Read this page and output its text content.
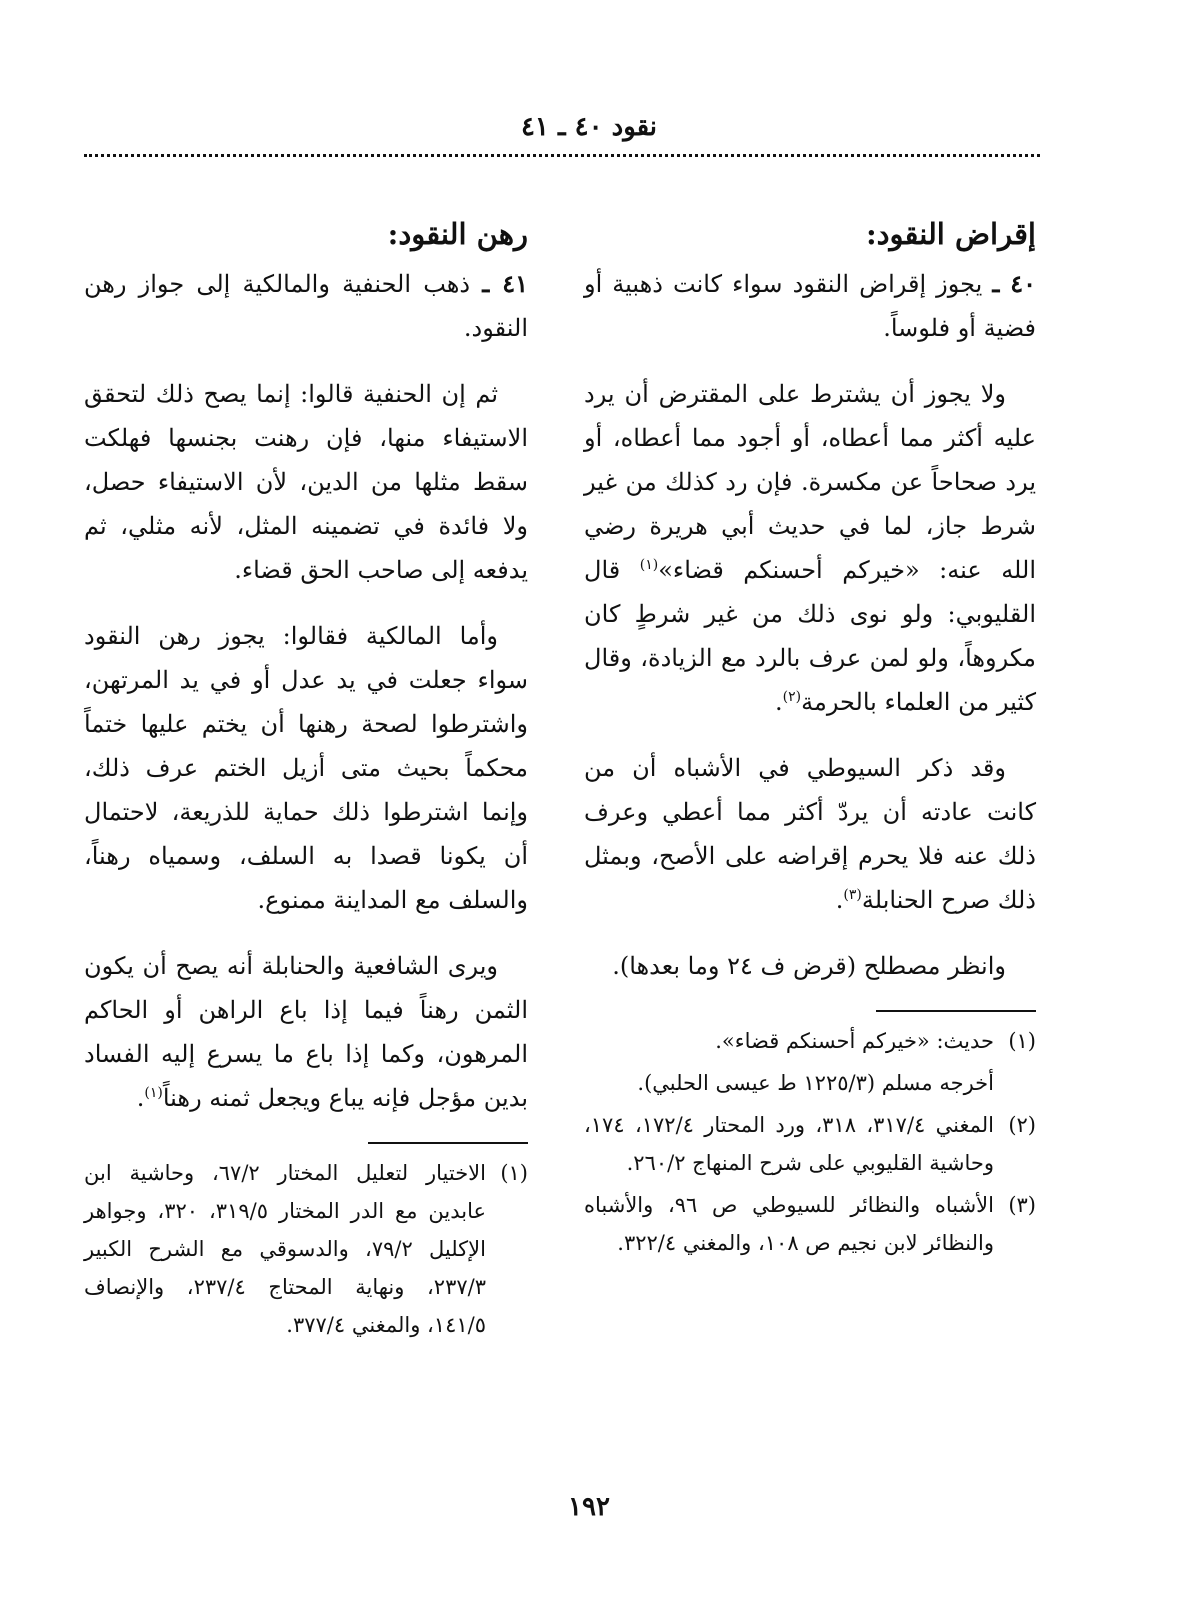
نقود ٤٠ ـ ٤١
إقراض النقود:

٤٠ ـ يجوز إقراض النقود سواء كانت ذهبية أو فضية أو فلوساً.

ولا يجوز أن يشترط على المقترض أن يرد عليه أكثر مما أعطاه، أو أجود مما أعطاه، أو يرد صحاحاً عن مكسرة. فإن رد كذلك من غير شرط جاز، لما في حديث أبي هريرة رضي الله عنه: «خيركم أحسنكم قضاء»$^{(١)}$ قال القليوبي: ولو نوى ذلك من غير شرطٍ كان مكروهاً، ولو لمن عرف بالرد مع الزيادة، وقال كثير من العلماء بالحرمة$^{(٢)}$.

وقد ذكر السيوطي في الأشباه أن من كانت عادته أن يردّ أكثر مما أعطي وعرف ذلك عنه فلا يحرم إقراضه على الأصح، وبمثل ذلك صرح الحنابلة$^{(٣)}$.

وانظر مصطلح (قرض ف ٢٤ وما بعدها).

(١)
حديث: «خيركم أحسنكم قضاء».
أخرجه مسلم (١٢٢٥/٣ ط عيسى الحلبي).
(٢)
المغني ٣١٧/٤، ٣١٨، ورد المحتار ١٧٢/٤، ١٧٤، وحاشية القليوبي على شرح المنهاج ٢٦٠/٢.
(٣)
الأشباه والنظائر للسيوطي ص ٩٦، والأشباه والنظائر لابن نجيم ص ١٠٨، والمغني ٣٢٢/٤.
رهن النقود:

٤١ ـ ذهب الحنفية والمالكية إلى جواز رهن النقود.

ثم إن الحنفية قالوا: إنما يصح ذلك لتحقق الاستيفاء منها، فإن رهنت بجنسها فهلكت سقط مثلها من الدين، لأن الاستيفاء حصل، ولا فائدة في تضمينه المثل، لأنه مثلي، ثم يدفعه إلى صاحب الحق قضاء.

وأما المالكية فقالوا: يجوز رهن النقود سواء جعلت في يد عدل أو في يد المرتهن، واشترطوا لصحة رهنها أن يختم عليها ختماً محكماً بحيث متى أزيل الختم عرف ذلك، وإنما اشترطوا ذلك حماية للذريعة، لاحتمال أن يكونا قصدا به السلف، وسمياه رهناً، والسلف مع المداينة ممنوع.

ويرى الشافعية والحنابلة أنه يصح أن يكون الثمن رهناً فيما إذا باع الراهن أو الحاكم المرهون، وكما إذا باع ما يسرع إليه الفساد بدين مؤجل فإنه يباع ويجعل ثمنه رهناً$^{(١)}$.

(١)
الاختيار لتعليل المختار ٦٧/٢، وحاشية ابن عابدين مع الدر المختار ٣١٩/٥، ٣٢٠، وجواهر الإكليل ٧٩/٢، والدسوقي مع الشرح الكبير ٢٣٧/٣، ونهاية المحتاج ٢٣٧/٤، والإنصاف ١٤١/٥، والمغني ٣٧٧/٤.
١٩٢
